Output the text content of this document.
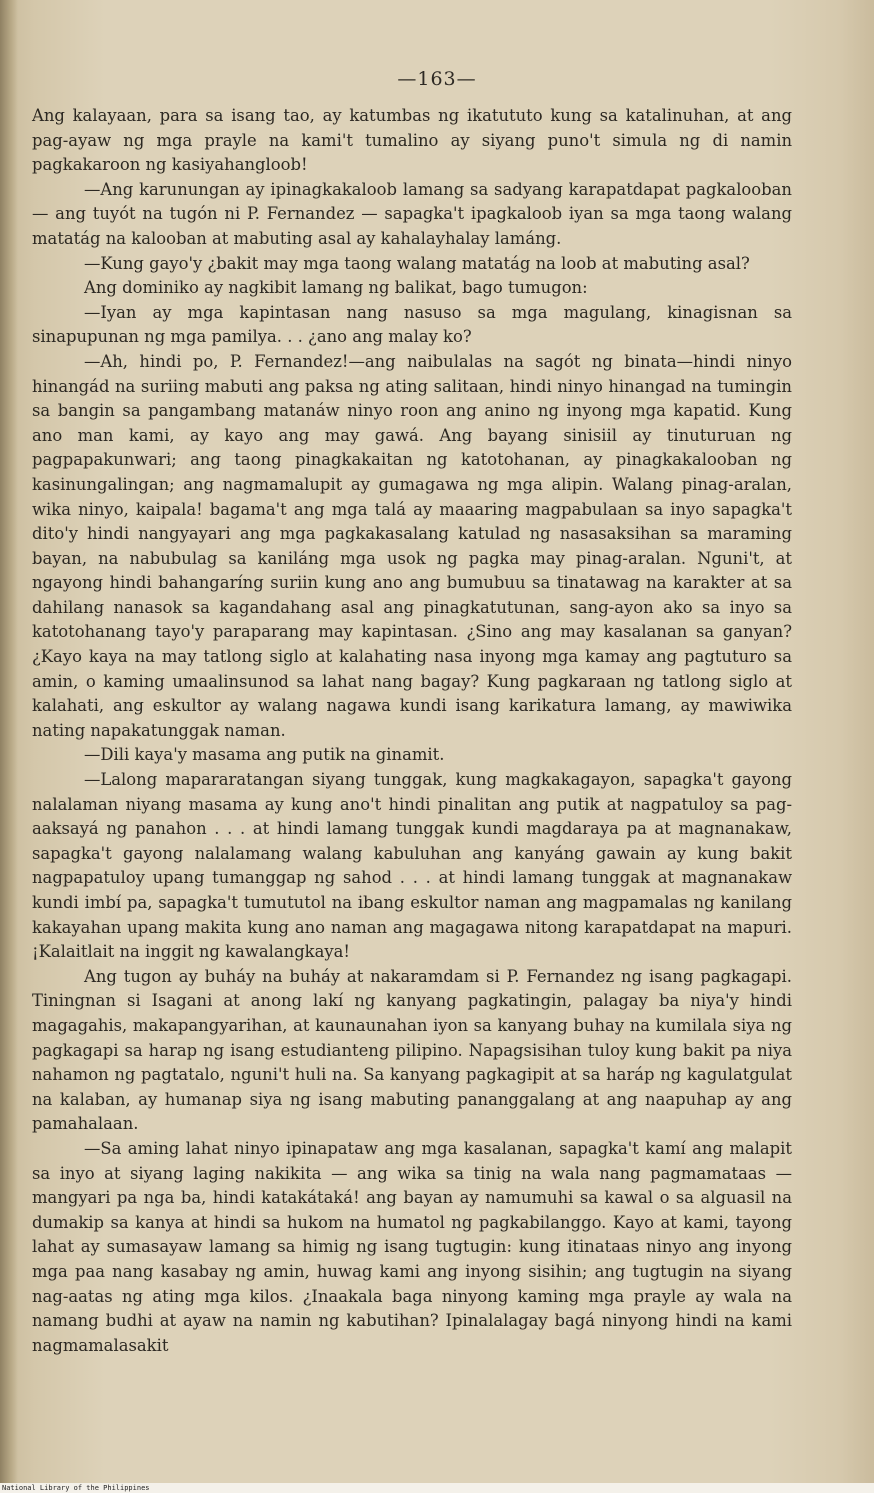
—163—

Ang kalayaan, para sa isang tao, ay katumbas ng ikatututo kung sa katalinuhan, at ang pag-ayaw ng mga prayle na kami't tumalino ay siyang puno't simula ng di namin pagkakaroon ng kasiyahangloob!

—Ang karunungan ay ipinagkakaloob lamang sa sadyang karapatdapat pagkalooban — ang tuyót na tugón ni P. Fernandez — sapagka't ipagkaloob iyan sa mga taong walang matatág na kalooban at mabuting asal ay kahalayhalay lamáng.

—Kung gayo'y ¿bakit may mga taong walang matatág na loob at mabuting asal?

Ang dominiko ay nagkibit lamang ng balikat, bago tumugon:

—Iyan ay mga kapintasan nang nasuso sa mga magulang, kinagisnan sa sinapupunan ng mga pamilya. . . ¿ano ang malay ko?

—Ah, hindi po, P. Fernandez!—ang naibulalas na sagót ng binata—hindi ninyo hinangád na suriing mabuti ang paksa ng ating salitaan, hindi ninyo hinangad na tumingin sa bangin sa pangambang matanáw ninyo roon ang anino ng inyong mga kapatid. Kung ano man kami, ay kayo ang may gawá. Ang bayang sinisiil ay tinuturuan ng pagpapakunwari; ang taong pinagkakaitan ng katotohanan, ay pinagkakalooban ng kasinungalingan; ang nagmamalupit ay gumagawa ng mga alipin. Walang pinag-aralan, wika ninyo, kaipala! bagama't ang mga talá ay maaaring magpabulaan sa inyo sapagka't dito'y hindi nangyayari ang mga pagkakasalang katulad ng nasasaksihan sa maraming bayan, na nabubulag sa kaniláng mga usok ng pagka may pinag-aralan. Nguni't, at ngayong hindi bahangaríng suriin kung ano ang bumubuu sa tinatawag na karakter at sa dahilang nanasok sa kagandahang asal ang pinagkatutunan, sang-ayon ako sa inyo sa katotohanang tayo'y paraparang may kapintasan. ¿Sino ang may kasalanan sa ganyan? ¿Kayo kaya na may tatlong siglo at kalahating nasa inyong mga kamay ang pagtuturo sa amin, o kaming umaalinsunod sa lahat nang bagay? Kung pagkaraan ng tatlong siglo at kalahati, ang eskultor ay walang nagawa kundi isang karikatura lamang, ay mawiwika nating napakatunggak naman.

—Dili kaya'y masama ang putik na ginamit.

—Lalong mapararatangan siyang tunggak, kung magkakagayon, sapagka't gayong nalalaman niyang masama ay kung ano't hindi pinalitan ang putik at nagpatuloy sa pag-aaksayá ng panahon . . . at hindi lamang tunggak kundi magdaraya pa at magnanakaw, sapagka't gayong nalalamang walang kabuluhan ang kanyáng gawain ay kung bakit nagpapatuloy upang tumanggap ng sahod . . . at hindi lamang tunggak at magnanakaw kundi imbí pa, sapagka't tumututol na ibang eskultor naman ang magpamalas ng kanilang kakayahan upang makita kung ano naman ang magagawa nitong karapatdapat na mapuri. ¡Kalaitlait na inggit ng kawalangkaya!

Ang tugon ay buháy na buháy at nakaramdam si P. Fernandez ng isang pagkagapi. Tiningnan si Isagani at anong lakí ng kanyang pagkatingin, palagay ba niya'y hindi magagahis, makapangyarihan, at kaunaunahan iyon sa kanyang buhay na kumilala siya ng pagkagapi sa harap ng isang estudianteng pilipino. Napagsisihan tuloy kung bakit pa niya nahamon ng pagtatalo, nguni't huli na. Sa kanyang pagkagipit at sa haráp ng kagulatgulat na kalaban, ay humanap siya ng isang mabuting pananggalang at ang naapuhap ay ang pamahalaan.

—Sa aming lahat ninyo ipinapataw ang mga kasalanan, sapagka't kamí ang malapit sa inyo at siyang laging nakikita — ang wika sa tinig na wala nang pagmamataas — mangyari pa nga ba, hindi katakátaká! ang bayan ay namumuhi sa kawal o sa alguasil na dumakip sa kanya at hindi sa hukom na humatol ng pagkabilanggo. Kayo at kami, tayong lahat ay sumasayaw lamang sa himig ng isang tugtugin: kung itinataas ninyo ang inyong mga paa nang kasabay ng amin, huwag kami ang inyong sisihin; ang tugtugin na siyang nag-aatas ng ating mga kilos. ¿Inaakala baga ninyong kaming mga prayle ay wala na namang budhi at ayaw na namin ng kabutihan? Ipinalalagay bagá ninyong hindi na kami nagmamalasakit

National Library of the Philippines
